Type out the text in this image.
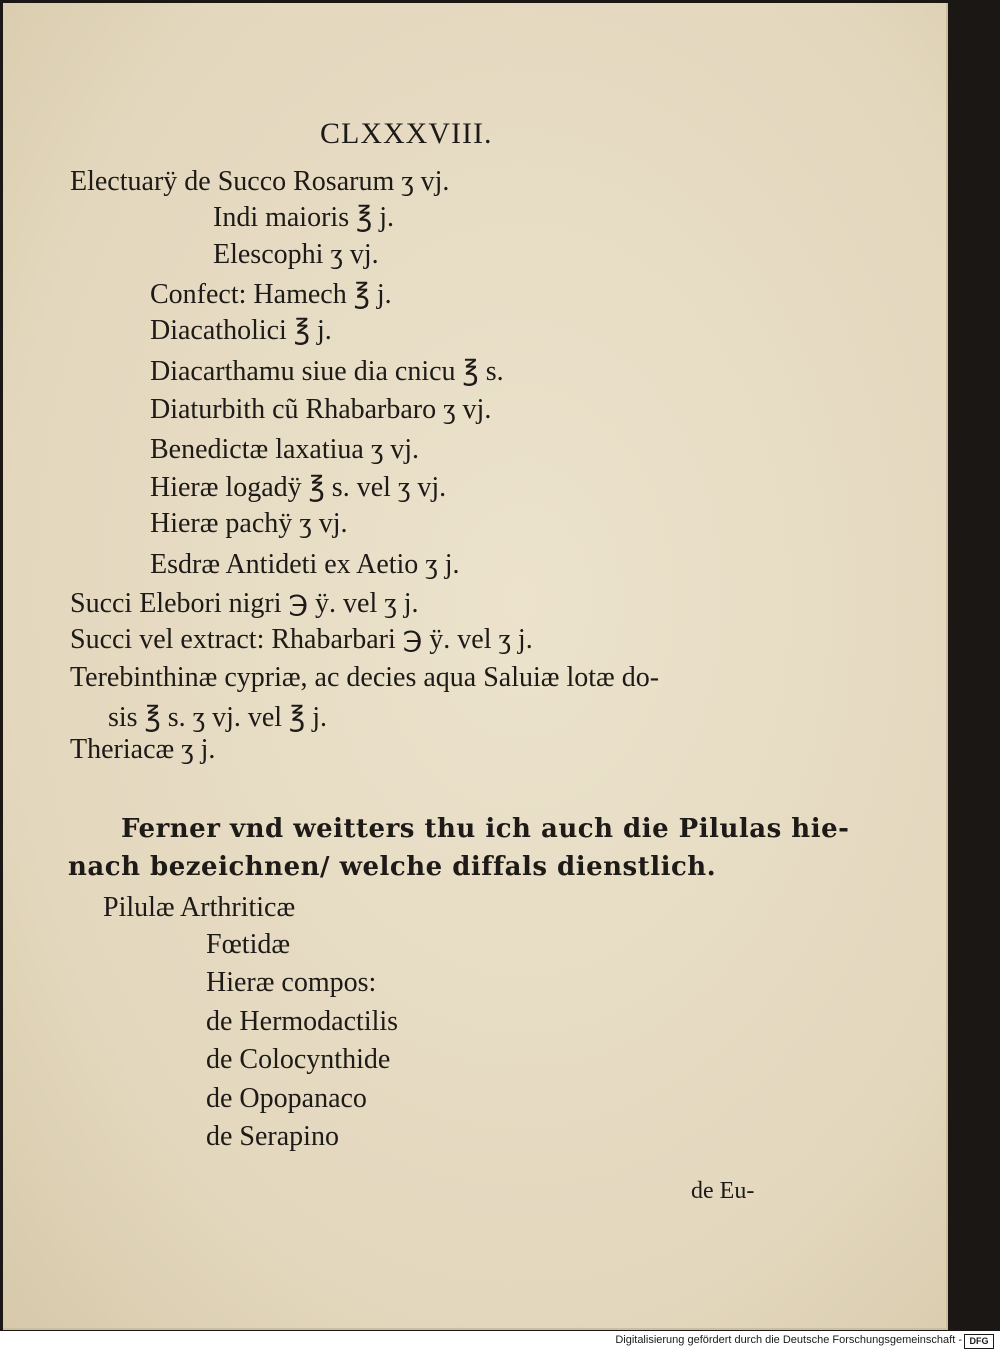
CLXXXVIII.
Electuarÿ de Succo Rosarum ʒ vj.
Indi maioris ℥ j.
Elescophi ʒ vj.
Confect: Hamech ℥ j.
Diacatholici ℥ j.
Diacarthamu siue dia cnicu ℥ s.
Diaturbith cũ Rhabarbaro ʒ vj.
Benedictæ laxatiua ʒ vj.
Hieræ logadÿ ℥ s. vel ʒ vj.
Hieræ pachÿ ʒ vj.
Esdræ Antideti ex Aetio ʒ j.
Succi Elebori nigri ℈ ÿ. vel ʒ j.
Succi vel extract: Rhabarbari ℈ ÿ. vel ʒ j.
Terebinthinæ cypriæ, ac decies aqua Saluiæ lotæ do-
sis ℥ s. ʒ vj. vel ℥ j.
Theriacæ ʒ j.
Ferner vnd weitters thu ich auch die Pilulas hie-
nach bezeichnen/ welche diffals dienstlich.
Pilulæ Arthriticæ
Fœtidæ
Hieræ compos:
de Hermodactilis
de Colocynthide
de Opopanaco
de Serapino
de Eu-
Digitalisierung gefördert durch die Deutsche Forschungsgemeinschaft - DFG
